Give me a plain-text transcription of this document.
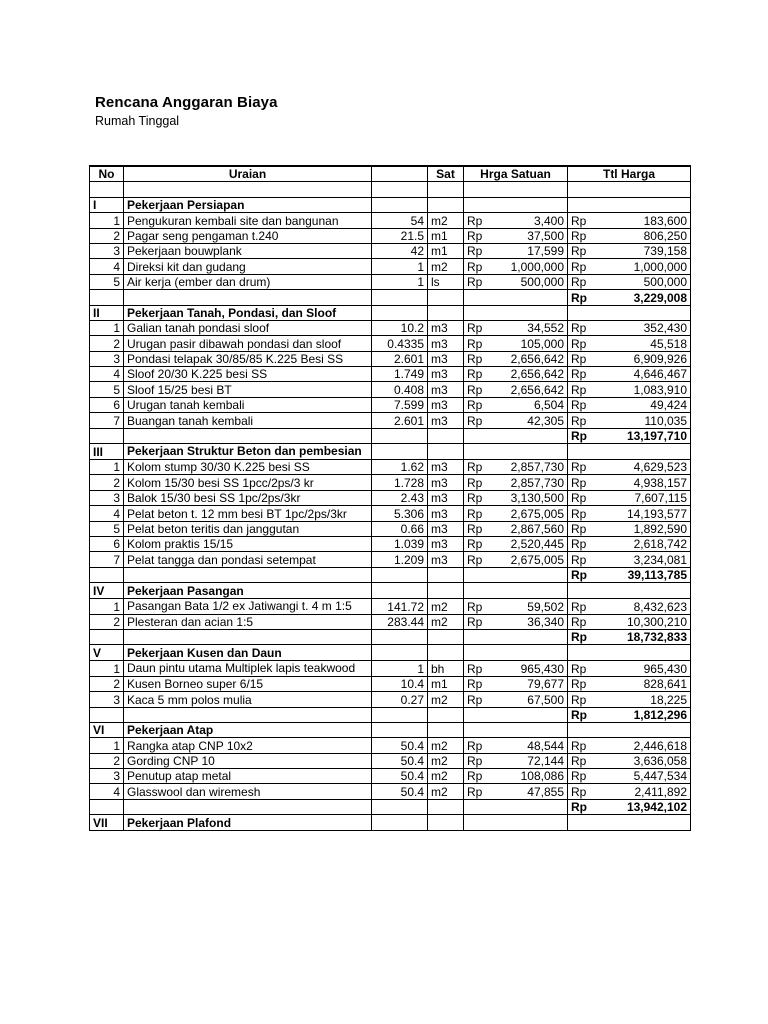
Rencana Anggaran Biaya
Rumah Tinggal
No	Uraian		Sat	Hrga Satuan	Ttl Harga

I	Pekerjaan Persiapan				
1	Pengukuran kembali site dan bangunan	54	m2	Rp 3,400	Rp 183,600

2	Pagar seng pengaman t.240	21.5	m1	Rp 37,500	Rp 806,250

3	Pekerjaan bouwplank	42	m1	Rp 17,599	Rp 739,158

4	Direksi kit dan gudang	1	m2	Rp 1,000,000	Rp 1,000,000

5	Air kerja (ember dan drum)	1	ls	Rp 500,000	Rp 500,000

					Rp 3,229,008

II	Pekerjaan Tanah, Pondasi, dan Sloof				
1	Galian tanah pondasi sloof	10.2	m3	Rp 34,552	Rp 352,430

2	Urugan pasir dibawah pondasi dan sloof	0.4335	m3	Rp 105,000	Rp 45,518

3	Pondasi telapak 30/85/85 K.225 Besi SS	2.601	m3	Rp 2,656,642	Rp 6,909,926

4	Sloof 20/30 K.225 besi SS	1.749	m3	Rp 2,656,642	Rp 4,646,467

5	Sloof 15/25 besi BT	0.408	m3	Rp 2,656,642	Rp 1,083,910

6	Urugan tanah kembali	7.599	m3	Rp 6,504	Rp 49,424

7	Buangan tanah kembali	2.601	m3	Rp 42,305	Rp 110,035

					Rp 13,197,710

III	Pekerjaan Struktur Beton dan pembesian				
1	Kolom stump 30/30 K.225 besi SS	1.62	m3	Rp 2,857,730	Rp 4,629,523

2	Kolom 15/30 besi SS 1pcc/2ps/3 kr	1.728	m3	Rp 2,857,730	Rp 4,938,157

3	Balok 15/30 besi SS 1pc/2ps/3kr	2.43	m3	Rp 3,130,500	Rp 7,607,115

4	Pelat beton t. 12 mm besi BT 1pc/2ps/3kr	5.306	m3	Rp 2,675,005	Rp 14,193,577

5	Pelat beton teritis dan janggutan	0.66	m3	Rp 2,867,560	Rp 1,892,590

6	Kolom praktis 15/15	1.039	m3	Rp 2,520,445	Rp 2,618,742

7	Pelat tangga dan pondasi setempat	1.209	m3	Rp 2,675,005	Rp 3,234,081

					Rp 39,113,785

IV	Pekerjaan Pasangan				
1	Pasangan Bata 1/2 ex Jatiwangi t. 4 m 1:5	141.72	m2	Rp 59,502	Rp 8,432,623

2	Plesteran dan acian 1:5	283.44	m2	Rp 36,340	Rp 10,300,210

					Rp 18,732,833

V	Pekerjaan Kusen dan Daun				
1	Daun pintu utama Multiplek lapis teakwood	1	bh	Rp 965,430	Rp 965,430

2	Kusen Borneo super 6/15	10.4	m1	Rp 79,677	Rp 828,641

3	Kaca 5 mm polos mulia	0.27	m2	Rp 67,500	Rp 18,225

					Rp 1,812,296

VI	Pekerjaan Atap				
1	Rangka atap CNP 10x2	50.4	m2	Rp 48,544	Rp 2,446,618

2	Gording CNP 10	50.4	m2	Rp 72,144	Rp 3,636,058

3	Penutup atap metal	50.4	m2	Rp 108,086	Rp 5,447,534

4	Glasswool dan wiremesh	50.4	m2	Rp 47,855	Rp 2,411,892

					Rp 13,942,102

VII	Pekerjaan Plafond				
